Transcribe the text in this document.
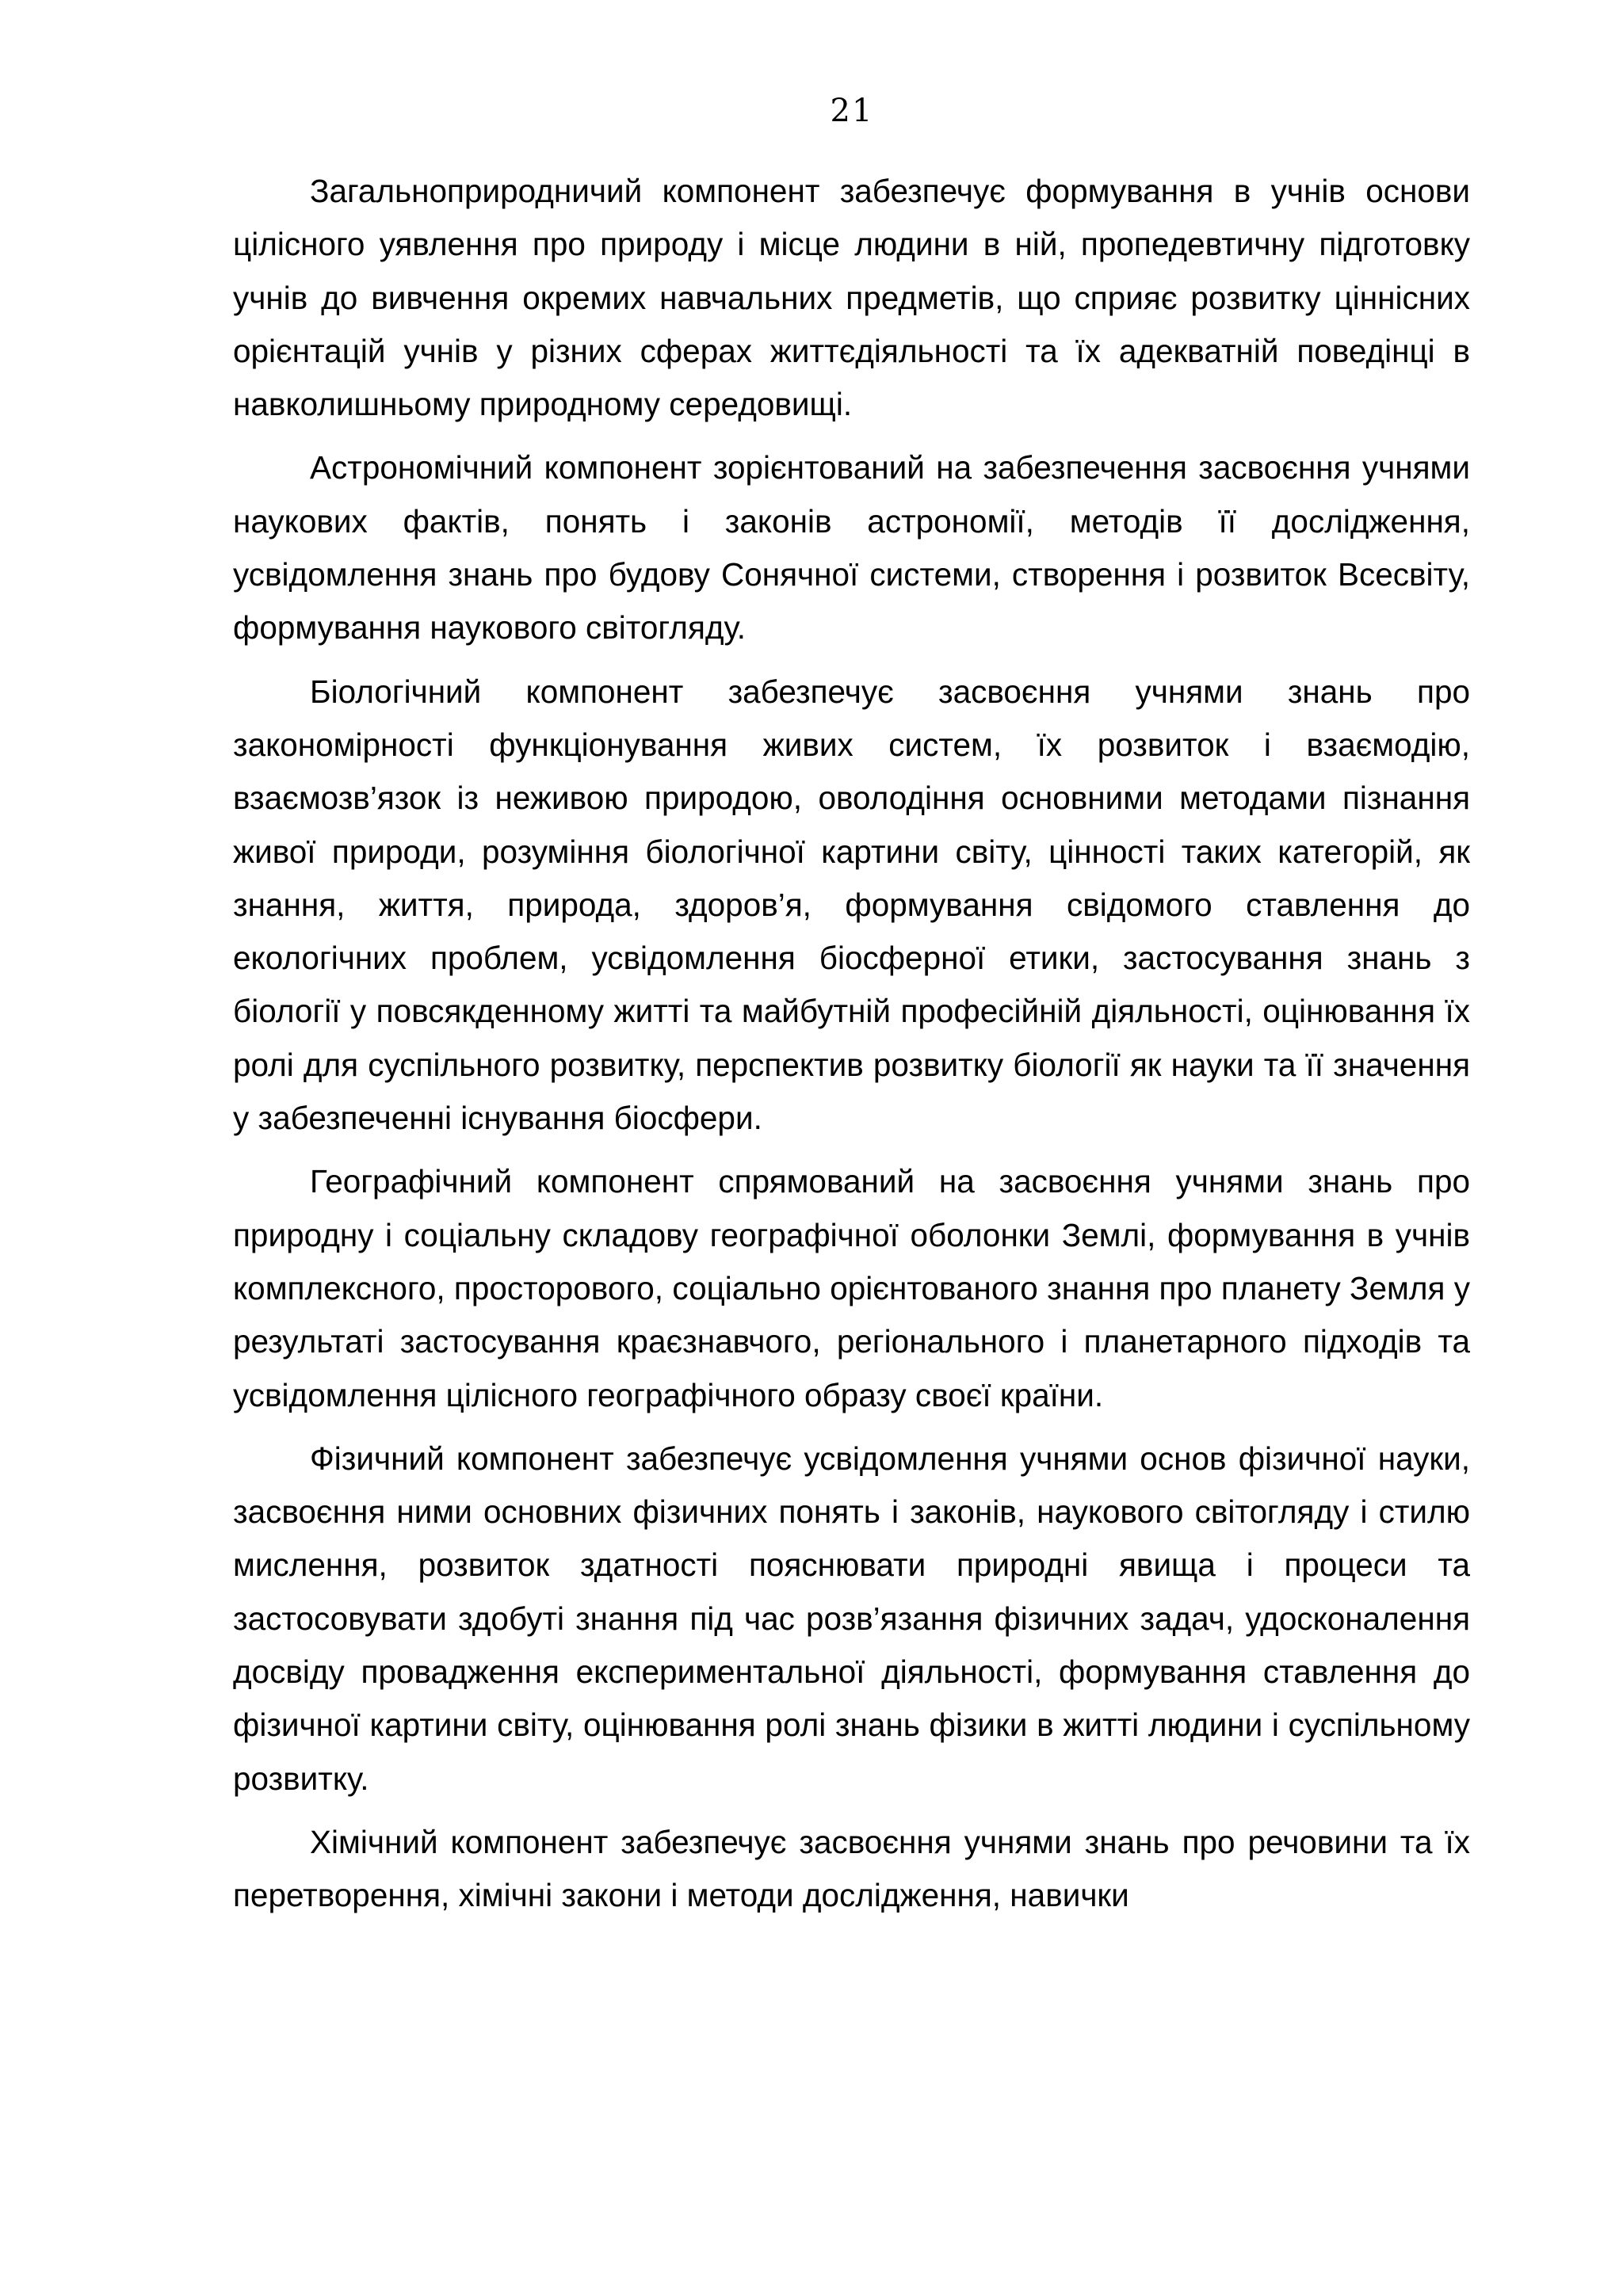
21

Загальноприродничий компонент забезпечує формування в учнів основи цілісного уявлення про природу і місце людини в ній, пропедевтичну підготовку учнів до вивчення окремих навчальних предметів, що сприяє розвитку ціннісних орієнтацій учнів у різних сферах життєдіяльності та їх адекватній поведінці в навколишньому природному середовищі.

Астрономічний компонент зорієнтований на забезпечення засвоєння учнями наукових фактів, понять і законів астрономії, методів її дослідження, усвідомлення знань про будову Сонячної системи, створення і розвиток Всесвіту, формування наукового світогляду.

Біологічний компонент забезпечує засвоєння учнями знань про закономірності функціонування живих систем, їх розвиток і взаємодію, взаємозв’язок із неживою природою, оволодіння основними методами пізнання живої природи, розуміння біологічної картини світу, цінності таких категорій, як знання, життя, природа, здоров’я, формування свідомого ставлення до екологічних проблем, усвідомлення біосферної етики, застосування знань з біології у повсякденному житті та майбутній професійній діяльності, оцінювання їх ролі для суспільного розвитку, перспектив розвитку біології як науки та її значення у забезпеченні існування біосфери.

Географічний компонент спрямований на засвоєння учнями знань про природну і соціальну складову географічної оболонки Землі, формування в учнів комплексного, просторового, соціально орієнтованого знання про планету Земля у результаті застосування краєзнавчого, регіонального і планетарного підходів та усвідомлення цілісного географічного образу своєї країни.

Фізичний компонент забезпечує усвідомлення учнями основ фізичної науки, засвоєння ними основних фізичних понять і законів, наукового світогляду і стилю мислення, розвиток здатності пояснювати природні явища і процеси та застосовувати здобуті знання під час розв’язання фізичних задач, удосконалення досвіду провадження експериментальної діяльності, формування ставлення до фізичної картини світу, оцінювання ролі знань фізики в житті людини і суспільному розвитку.

Хімічний компонент забезпечує засвоєння учнями знань про речовини та їх перетворення, хімічні закони і методи дослідження, навички
